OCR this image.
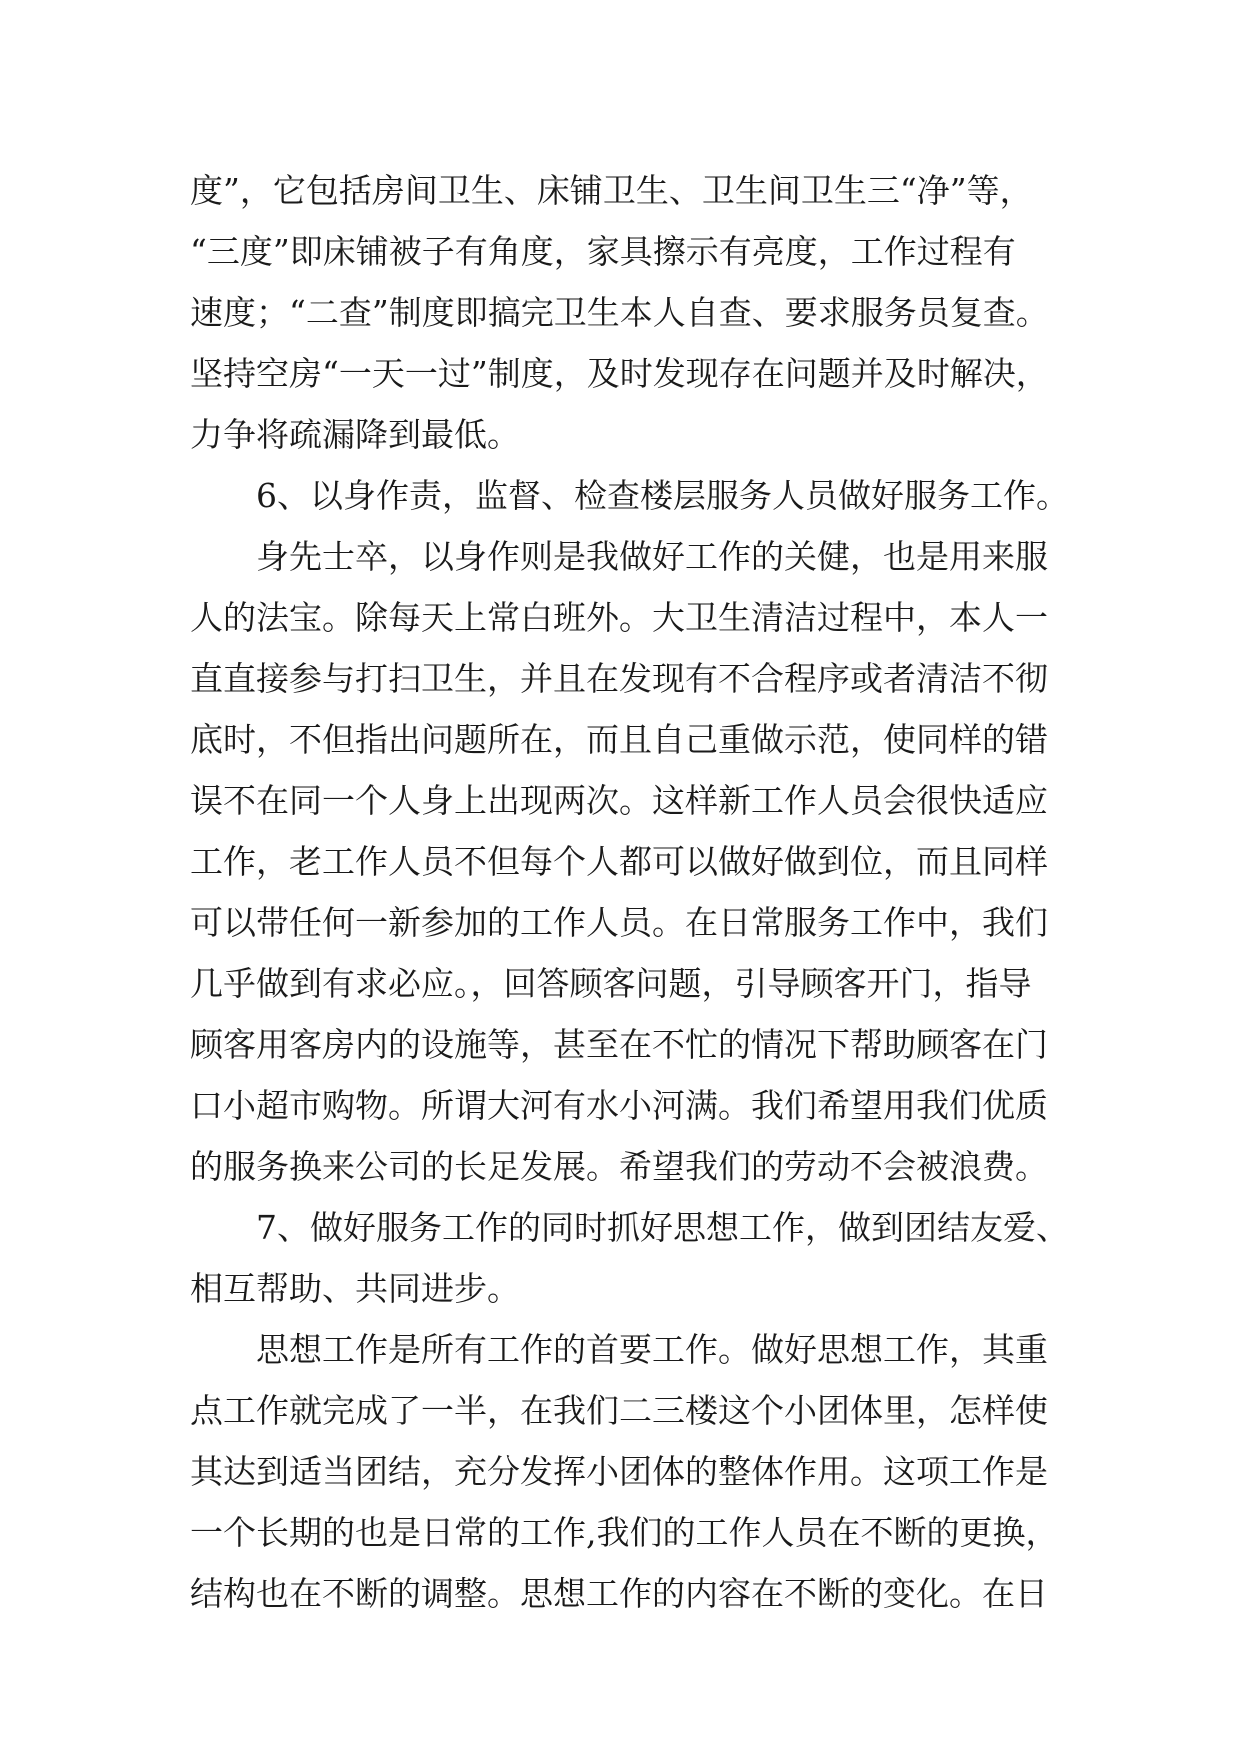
度”，它包括房间卫生、床铺卫生、卫生间卫生三“净”等，
“三度”即床铺被子有角度，家具擦示有亮度，工作过程有
速度；“二查”制度即搞完卫生本人自查、要求服务员复查。
坚持空房“一天一过”制度，及时发现存在问题并及时解决，
力争将疏漏降到最低。
6、以身作责，监督、检查楼层服务人员做好服务工作。
身先士卒，以身作则是我做好工作的关健，也是用来服
人的法宝。除每天上常白班外。大卫生清洁过程中，本人一
直直接参与打扫卫生，并且在发现有不合程序或者清洁不彻
底时，不但指出问题所在，而且自己重做示范，使同样的错
误不在同一个人身上出现两次。这样新工作人员会很快适应
工作，老工作人员不但每个人都可以做好做到位，而且同样
可以带任何一新参加的工作人员。在日常服务工作中，我们
几乎做到有求必应。，回答顾客问题，引导顾客开门，指导
顾客用客房内的设施等，甚至在不忙的情况下帮助顾客在门
口小超市购物。所谓大河有水小河满。我们希望用我们优质
的服务换来公司的长足发展。希望我们的劳动不会被浪费。
7、做好服务工作的同时抓好思想工作，做到团结友爱、
相互帮助、共同进步。
思想工作是所有工作的首要工作。做好思想工作，其重
点工作就完成了一半，在我们二三楼这个小团体里，怎样使
其达到适当团结，充分发挥小团体的整体作用。这项工作是
一个长期的也是日常的工作,我们的工作人员在不断的更换，
结构也在不断的调整。思想工作的内容在不断的变化。在日
